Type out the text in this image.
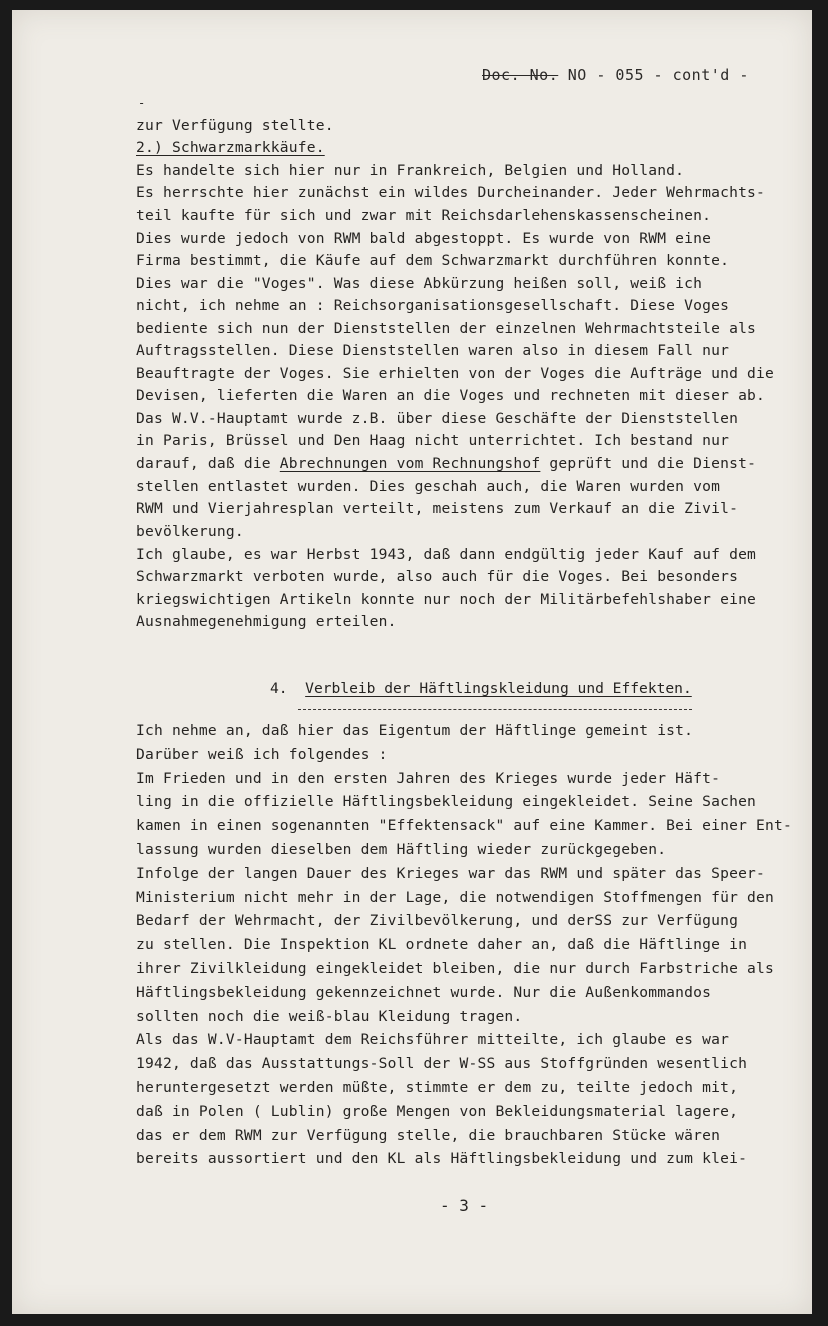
Doc. No. NO - 055 - cont'd -
-
zur Verfügung stellte.
2.) Schwarzmarkkäufe.
Es handelte sich hier nur in Frankreich, Belgien und Holland.
Es herrschte hier zunächst ein wildes Durcheinander. Jeder Wehrmachts-
teil kaufte für sich und zwar mit Reichsdarlehenskassenscheinen.
Dies wurde jedoch von RWM bald abgestoppt. Es wurde von RWM eine
Firma bestimmt, die Käufe auf dem Schwarzmarkt durchführen konnte.
Dies war die "Voges". Was diese Abkürzung heißen soll, weiß ich
nicht, ich nehme an : Reichsorganisationsgesellschaft. Diese Voges
bediente sich nun der Dienststellen der einzelnen Wehrmachtsteile als
Auftragsstellen. Diese Dienststellen waren also in diesem Fall nur
Beauftragte der Voges. Sie erhielten von der Voges die Aufträge und die
Devisen, lieferten die Waren an die Voges und rechneten mit dieser ab.
Das W.V.-Hauptamt wurde z.B. über diese Geschäfte der Dienststellen
in Paris, Brüssel und Den Haag nicht unterrichtet. Ich bestand nur
darauf, daß die Abrechnungen vom Rechnungshof geprüft und die Dienst-
stellen entlastet wurden. Dies geschah auch, die Waren wurden vom
RWM und Vierjahresplan verteilt, meistens zum Verkauf an die Zivil-
bevölkerung.
Ich glaube, es war Herbst 1943, daß dann endgültig jeder Kauf auf dem
Schwarzmarkt verboten wurde, also auch für die Voges. Bei besonders
kriegswichtigen Artikeln konnte nur noch der Militärbefehlshaber eine
Ausnahmegenehmigung erteilen.
4. Verbleib der Häftlingskleidung und Effekten.
Ich nehme an, daß hier das Eigentum der Häftlinge gemeint ist.
Darüber weiß ich folgendes :
Im Frieden und in den ersten Jahren des Krieges wurde jeder Häft-
ling in die offizielle Häftlingsbekleidung eingekleidet. Seine Sachen
kamen in einen sogenannten "Effektensack" auf eine Kammer. Bei einer Ent-
lassung wurden dieselben dem Häftling wieder zurückgegeben.
Infolge der langen Dauer des Krieges war das RWM und später das Speer-
Ministerium nicht mehr in der Lage, die notwendigen Stoffmengen für den
Bedarf der Wehrmacht, der Zivilbevölkerung, und derSS zur Verfügung
zu stellen. Die Inspektion KL ordnete daher an, daß die Häftlinge in
ihrer Zivilkleidung eingekleidet bleiben, die nur durch Farbstriche als
Häftlingsbekleidung gekennzeichnet wurde. Nur die Außenkommandos
sollten noch die weiß-blau Kleidung tragen.
Als das W.V-Hauptamt dem Reichsführer mitteilte, ich glaube es war
1942, daß das Ausstattungs-Soll der W-SS aus Stoffgründen wesentlich
heruntergesetzt werden müßte, stimmte er dem zu, teilte jedoch mit,
daß in Polen ( Lublin) große Mengen von Bekleidungsmaterial lagere,
das er dem RWM zur Verfügung stelle, die brauchbaren Stücke wären
bereits aussortiert und den KL als Häftlingsbekleidung und zum klei-
- 3 -
